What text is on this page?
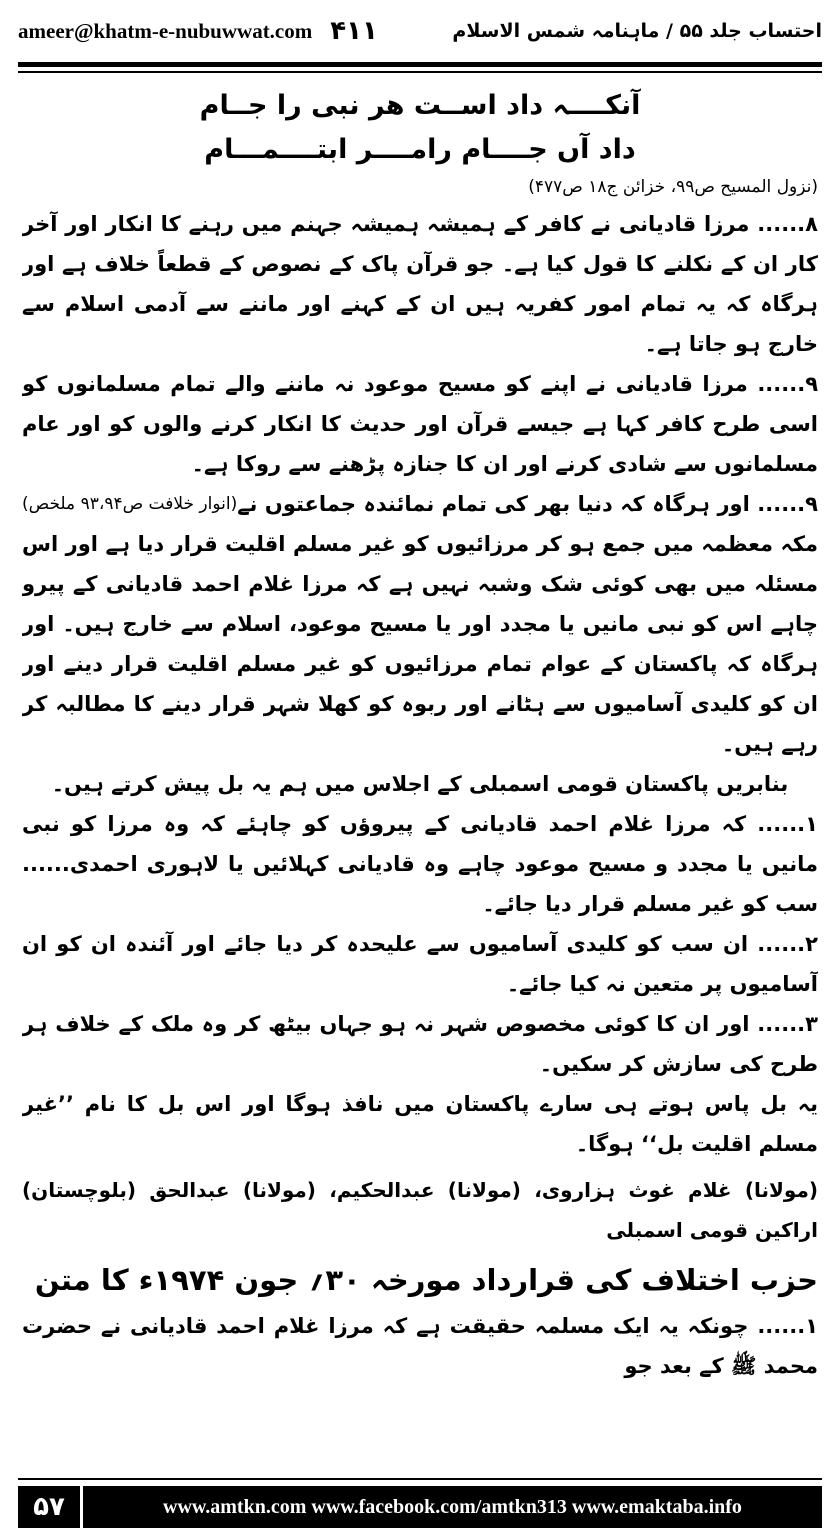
ameer@khatm-e-nubuwwat.com ۴۱۱	احتساب جلد ۵۵ / ماہنامہ شمس الاسلام

آنکــــہ داد اســت ھر نبی را جــام

داد آں جــــام رامــــر ابتــــمـــام

(نزول المسیح ص۹۹، خزائن ج۱۸ ص۴۷۷)

۸...... مرزا قادیانی نے کافر کے ہمیشہ ہمیشہ جہنم میں رہنے کا انکار اور آخر کار ان کے نکلنے کا قول کیا ہے۔ جو قرآن پاک کے نصوص کے قطعاً خلاف ہے اور ہرگاہ کہ یہ تمام امور کفریہ ہیں ان کے کہنے اور ماننے سے آدمی اسلام سے خارج ہو جاتا ہے۔

۹...... مرزا قادیانی نے اپنے کو مسیح موعود نہ ماننے والے تمام مسلمانوں کو اسی طرح کافر کہا ہے جیسے قرآن اور حدیث کا انکار کرنے والوں کو اور عام مسلمانوں سے شادی کرنے اور ان کا جنازہ پڑھنے سے روکا ہے۔
(انوار خلافت ص۹۳،۹۴ ملخص)	۹...... اور ہرگاہ کہ دنیا بھر کی تمام نمائندہ جماعتوں نے مکہ معظمہ میں جمع ہو کر مرزائیوں کو غیر مسلم اقلیت قرار دیا ہے اور اس مسئلہ میں بھی کوئی شک وشبہ نہیں ہے کہ مرزا غلام احمد قادیانی کے پیرو چاہے اس کو نبی مانیں یا مجدد اور یا مسیح موعود، اسلام سے خارج ہیں۔ اور ہرگاہ کہ پاکستان کے عوام تمام مرزائیوں کو غیر مسلم اقلیت قرار دینے اور ان کو کلیدی آسامیوں سے ہٹانے اور ربوہ کو کھلا شہر قرار دینے کا مطالبہ کر رہے ہیں۔

بنابریں پاکستان قومی اسمبلی کے اجلاس میں ہم یہ بل پیش کرتے ہیں۔

۱...... کہ مرزا غلام احمد قادیانی کے پیروؤں کو چاہئے کہ وہ مرزا کو نبی مانیں یا مجدد و مسیح موعود چاہے وہ قادیانی کہلائیں یا لاہوری احمدی...... سب کو غیر مسلم قرار دیا جائے۔

۲...... ان سب کو کلیدی آسامیوں سے علیحدہ کر دیا جائے اور آئندہ ان کو ان آسامیوں پر متعین نہ کیا جائے۔

۳...... اور ان کا کوئی مخصوص شہر نہ ہو جہاں بیٹھ کر وہ ملک کے خلاف ہر طرح کی سازش کر سکیں۔

یہ بل پاس ہوتے ہی سارے پاکستان میں نافذ ہوگا اور اس بل کا نام ’’غیر مسلم اقلیت بل‘‘ ہوگا۔

(مولانا) غلام غوث ہزاروی، (مولانا) عبدالحکیم، (مولانا) عبدالحق (بلوچستان) اراکین قومی اسمبلی

حزب اختلاف کی قرارداد مورخہ ۳۰؍ جون ۱۹۷۴ء کا متن

۱...... چونکہ یہ ایک مسلمہ حقیقت ہے کہ مرزا غلام احمد قادیانی نے حضرت محمد ﷺ کے بعد جو

۵۷	www.amtkn.com www.facebook.com/amtkn313 www.emaktaba.info
